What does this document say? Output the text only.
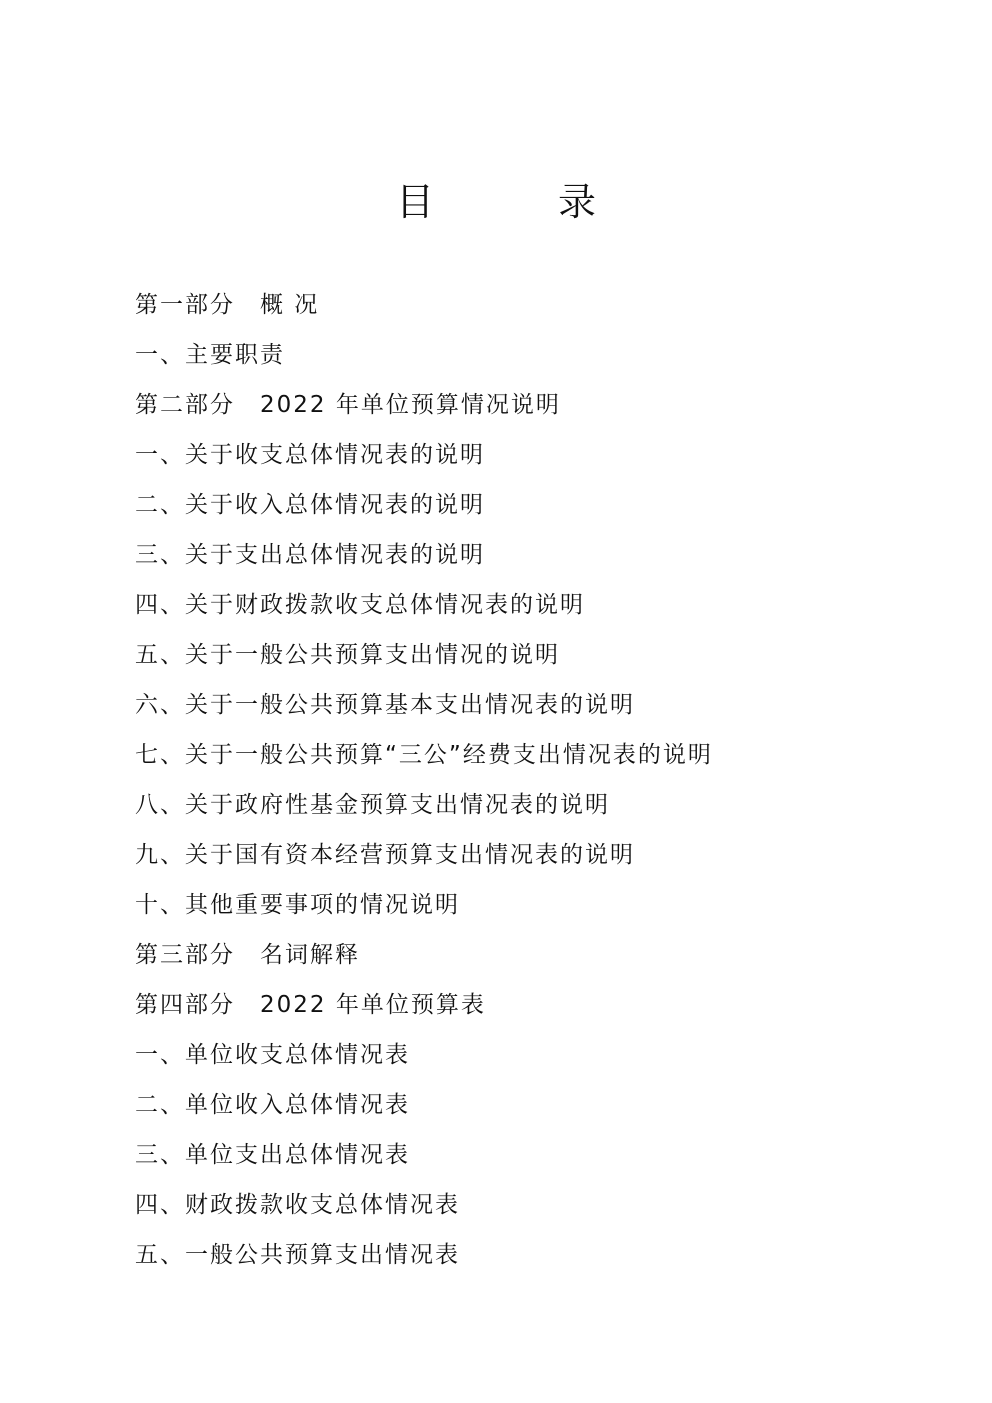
目 录
第一部分　概 况
一、主要职责
第二部分　2022 年单位预算情况说明
一、关于收支总体情况表的说明
二、关于收入总体情况表的说明
三、关于支出总体情况表的说明
四、关于财政拨款收支总体情况表的说明
五、关于一般公共预算支出情况的说明
六、关于一般公共预算基本支出情况表的说明
七、关于一般公共预算“三公”经费支出情况表的说明
八、关于政府性基金预算支出情况表的说明
九、关于国有资本经营预算支出情况表的说明
十、其他重要事项的情况说明
第三部分　名词解释
第四部分　2022 年单位预算表
一、单位收支总体情况表
二、单位收入总体情况表
三、单位支出总体情况表
四、财政拨款收支总体情况表
五、一般公共预算支出情况表
